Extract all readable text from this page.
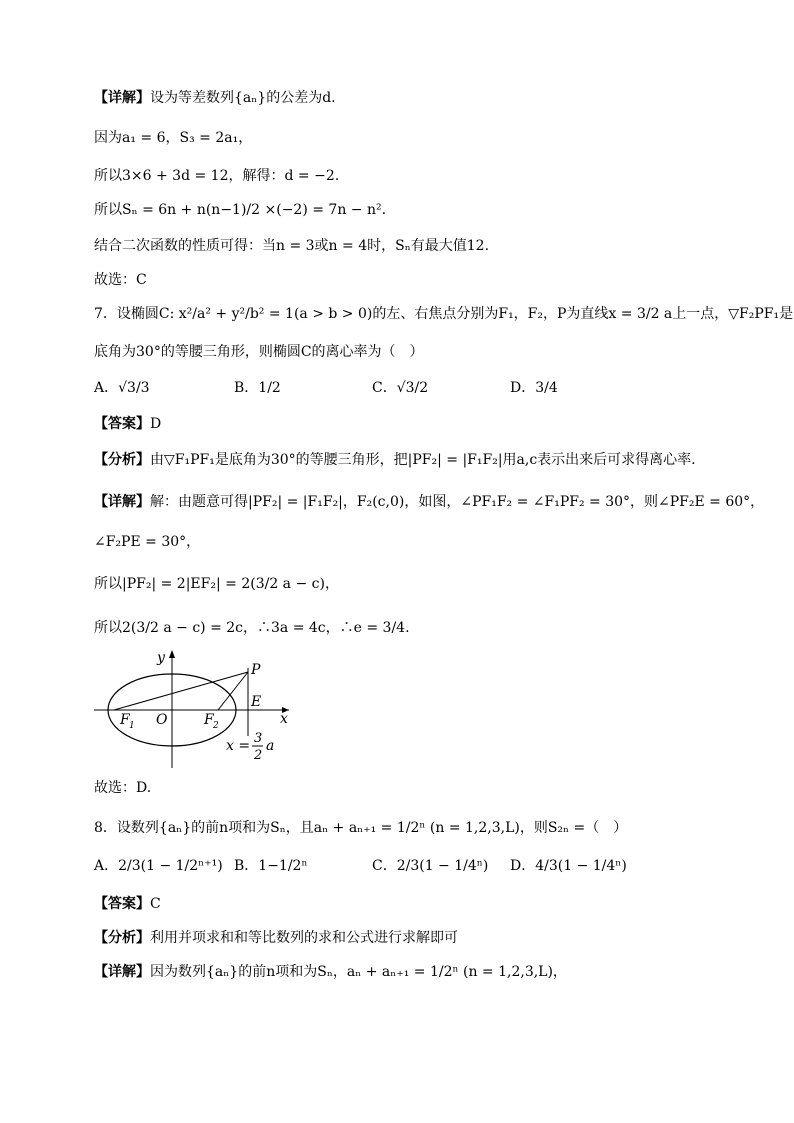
【详解】设为等差数列{aₙ}的公差为d.
因为a₁ = 6，S₃ = 2a₁，
所以3×6 + 3d = 12，解得：d = −2.
所以Sₙ = 6n + n(n−1)/2 ×(−2) = 7n − n².
结合二次函数的性质可得：当n = 3或n = 4时，Sₙ有最大值12.
故选：C
7．设椭圆C: x²/a² + y²/b² = 1(a > b > 0)的左、右焦点分别为F₁，F₂，P为直线x = 3/2 a上一点，▽F₂PF₁是
底角为30°的等腰三角形，则椭圆C的离心率为（　）
A．√3/3	B．1/2	C．√3/2	D．3/4
【答案】D
【分析】由▽F₁PF₁是底角为30°的等腰三角形，把|PF₂| = |F₁F₂|用a,c表示出来后可求得离心率.
【详解】解：由题意可得|PF₂| = |F₁F₂|，F₂(c,0)，如图，∠PF₁F₂ = ∠F₁PF₂ = 30°，则∠PF₂E = 60°，
∠F₂PE = 30°，
所以|PF₂| = 2|EF₂| = 2(3/2 a − c)，
所以2(3/2 a − c) = 2c，∴3a = 4c，∴e = 3/4.
y
x
P
E
O
F 1	F 2
x = 3
2
a
故选：D.
8．设数列{aₙ}的前n项和为Sₙ，且aₙ + aₙ₊₁ = 1/2ⁿ (n = 1,2,3,L)，则S₂ₙ =（　）
A．2/3(1 − 1/2ⁿ⁺¹) B．1−1/2ⁿ	C．2/3(1 − 1/4ⁿ) D．4/3(1 − 1/4ⁿ)
【答案】C
【分析】利用并项求和和等比数列的求和公式进行求解即可
【详解】因为数列{aₙ}的前n项和为Sₙ，aₙ + aₙ₊₁ = 1/2ⁿ (n = 1,2,3,L)，
